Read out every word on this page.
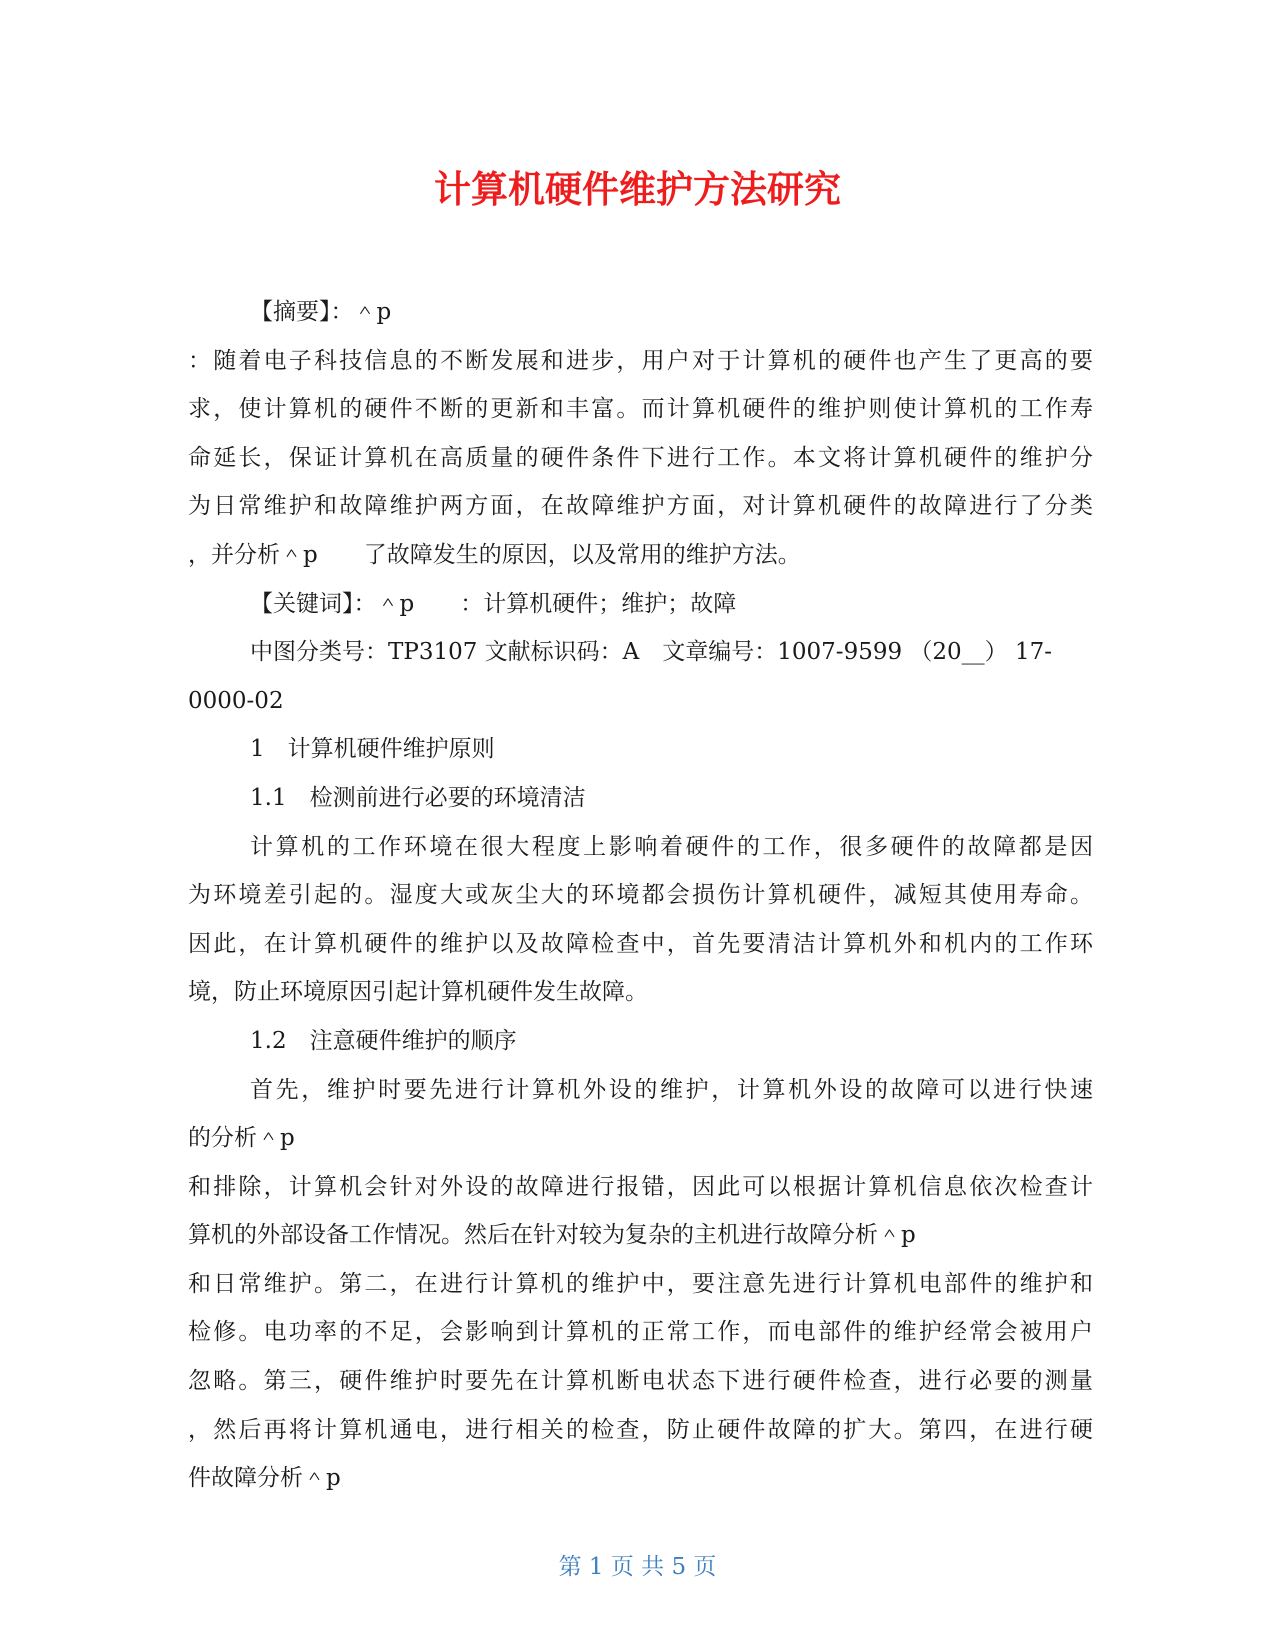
计算机硬件维护方法研究
【摘要】：＾p
：随着电子科技信息的不断发展和进步，用户对于计算机的硬件也产生了更高的要
求，使计算机的硬件不断的更新和丰富。而计算机硬件的维护则使计算机的工作寿
命延长，保证计算机在高质量的硬件条件下进行工作。本文将计算机硬件的维护分
为日常维护和故障维护两方面，在故障维护方面，对计算机硬件的故障进行了分类
，并分析＾p　　了故障发生的原因，以及常用的维护方法。
【关键词】：＾p　　：计算机硬件；维护；故障
中图分类号：TP3107 文献标识码：A　文章编号：1007-9599 （20__） 17-
0000-02
1　计算机硬件维护原则
1.1　检测前进行必要的环境清洁
计算机的工作环境在很大程度上影响着硬件的工作，很多硬件的故障都是因
为环境差引起的。湿度大或灰尘大的环境都会损伤计算机硬件，减短其使用寿命。
因此，在计算机硬件的维护以及故障检查中，首先要清洁计算机外和机内的工作环
境，防止环境原因引起计算机硬件发生故障。
1.2　注意硬件维护的顺序
首先，维护时要先进行计算机外设的维护，计算机外设的故障可以进行快速
的分析＾p
和排除，计算机会针对外设的故障进行报错，因此可以根据计算机信息依次检查计
算机的外部设备工作情况。然后在针对较为复杂的主机进行故障分析＾p
和日常维护。第二，在进行计算机的维护中，要注意先进行计算机电部件的维护和
检修。电功率的不足，会影响到计算机的正常工作，而电部件的维护经常会被用户
忽略。第三，硬件维护时要先在计算机断电状态下进行硬件检查，进行必要的测量
，然后再将计算机通电，进行相关的检查，防止硬件故障的扩大。第四，在进行硬
件故障分析＾p
第 1 页 共 5 页
